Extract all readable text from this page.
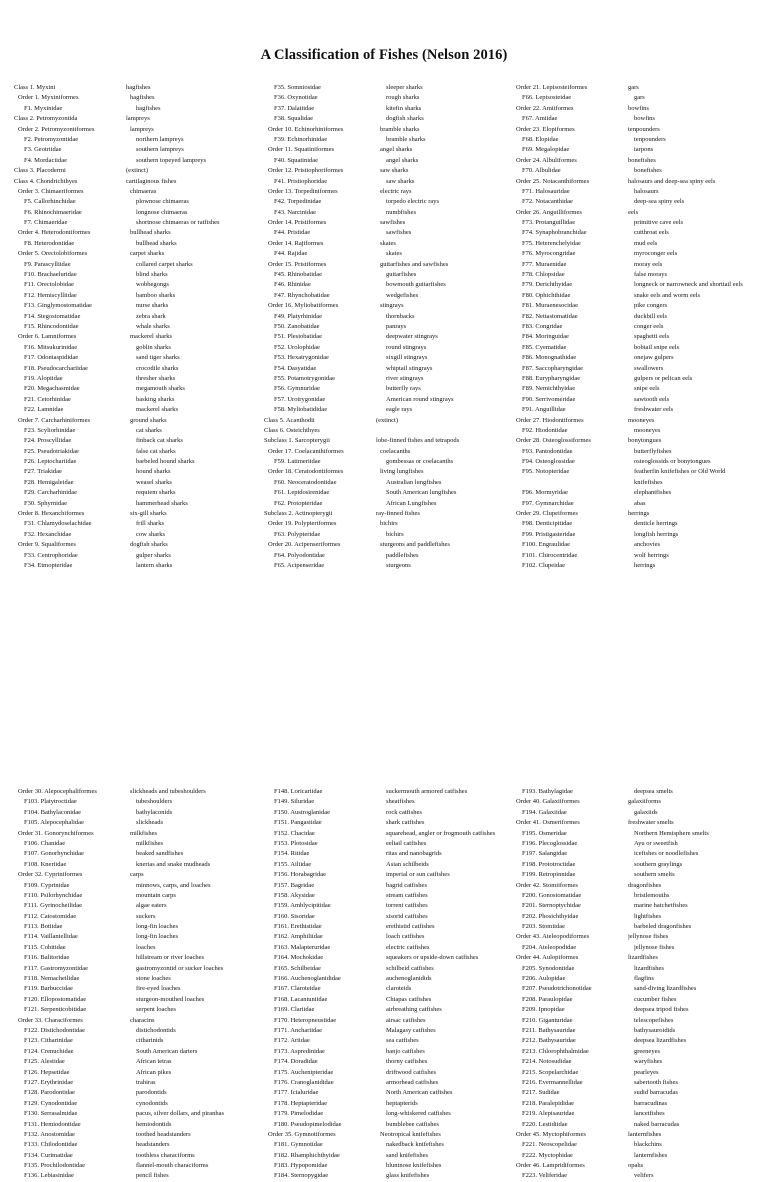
A Classification of Fishes (Nelson 2016)
Class 1. Myxini	hagfishes
Order 1. Myxiniformes	hagfishes
F1. Myxinidae	hagfishes
Class 2. Petromyzontida	lampreys
Order 2. Petromyzontiformes	lampreys
F2. Petromyzontidae	northern lampreys
F3. Geotriidae	southern lampreys
F4. Mordaciidae	southern topeyed lampreys
Class 3. Placodermi	(extinct)
Class 4. Chondrichthyes	cartilaginous fishes
Order 3. Chimaeriformes	chimaeras
F5. Callorhinchidae	plownose chimaeras
F6. Rhinochimaeridae	longnose chimaeras
F7. Chimaeridae	shortnose chimaeras or ratfishes
Order 4. Heterodontiformes	bullhead sharks
F8. Heterodontidae	bullhead sharks
Order 5. Orectolobiformes	carpet sharks
F9. Parascylliidae	collared carpet sharks
F10. Brachaeluridae	blind sharks
F11. Orectolobidae	wobbegongs
F12. Hemiscylliidae	bamboo sharks
F13. Ginglymostomatidae	nurse sharks
F14. Stegostomatidae	zebra shark
F15. Rhincodontidae	whale sharks
Order 6. Lamniformes	mackerel sharks
F16. Mitsukurinidae	goblin sharks
F17. Odontaspididae	sand tiger sharks
F18. Pseudocarchariidae	crocodile sharks
F19. Alopiidae	thresher sharks
F20. Megachasmidae	megamouth sharks
F21. Cetorhinidae	basking sharks
F22. Lamnidae	mackerel sharks
Order 7. Carcharhiniformes	ground sharks
F23. Scyliorhinidae	cat sharks
F24. Proscylliidae	finback cat sharks
F25. Pseudotriakidae	false cat sharks
F26. Leptochariidae	barbeled hound sharks
F27. Triakidae	hound sharks
F28. Hemigaleidae	weasel sharks
F29. Carcharhinidae	requiem sharks
F30. Sphyrnidae	hammerhead sharks
Order 8. Hexanchiformes	six-gill sharks
F31. Chlamydoselachidae	frill sharks
F32. Hexanchidae	cow sharks
Order 9. Squaliformes	dogfish sharks
F33. Centrophoridae	gulper sharks
F34. Etmopteridae	lantern sharks
F35. Somniosidae	sleeper sharks
F36. Oxynotidae	rough sharks
F37. Dalatiidae	kitefin sharks
F38. Squalidae	dogfish sharks
Order 10. Echinorhiniformes	bramble sharks
F39. Echinorhinidae	bramble sharks
Order 11. Squatiniformes	angel sharks
F40. Squatinidae	angel sharks
Order 12. Pristiophoriformes	saw sharks
F41. Pristiophoridae	saw sharks
Order 13. Torpediniformes	electric rays
F42. Torpedinidae	torpedo electric rays
F43. Narcinidae	numbfishes
Order 14. Pristiformes	sawfishes
F44. Pristidae	sawfishes
Order 14. Rajiformes	skates
F44. Rajidae	skates
Order 15. Pristiformes	guitarfishes and sawfishes
F45. Rhinobatidae	guitarfishes
F46. Rhinidae	bowmouth guitarfishes
F47. Rhynchobatidae	wedgefishes
Order 16. Myliobatiformes	stingrays
F49. Platyrhinidae	thornbacks
F50. Zanobatidae	panrays
F51. Plesiobatidae	deepwater stingrays
F52. Urolophidae	round stingrays
F53. Hexatrygonidae	sixgill stingrays
F54. Dasyatidae	whiptail stingrays
F55. Potamotrygonidae	river stingrays
F56. Gymnuridae	butterfly rays
F57. Urotrygonidae	American round stingrays
F58. Myliobatididae	eagle rays
Class 5. Acanthodii	(extinct)
Class 6. Osteichthyes
Subclass 1. Sarcopterygii	lobe-finned fishes and tetrapods
Order 17. Coelacanthiformes	coelacanths
F59. Latimeriidae	gombessas or coelacanths
Order 18. Ceratodontiformes	living lungfishes
F60. Neoceratodontidae	Australian lungfishes
F61. Lepidosirenidae	South American lungfishes
F62. Protopteridae	African Lungfishes
Subclass 2. Actinopterygii	ray-finned fishes
Order 19. Polypteriformes	bichirs
F63. Polypteridae	bichirs
Order 20. Acipenseriformes	sturgeons and paddlefishes
F64. Polyodontidae	paddlefishes
F65. Acipenseridae	sturgeons
Order 21. Lepisosteiformes	gars
F66. Lepisosteidae	gars
Order 22. Amiiformes	bowfins
F67. Amiidae	bowfins
Order 23. Elopiformes	tenpounders
F68. Elopidae	tenpounders
F69. Megalopidae	tarpons
Order 24. Albuliformes	bonefishes
F70. Albulidae	bonefishes
Order 25. Notacanthiformes	halosaurs and deep-sea spiny eels
F71. Halosauridae	halosaurs
F72. Notacanthidae	deep-sea spiny eels
Order 26. Anguilliformes	eels
F73. Protanguillidae	primitive cave eels
F74. Synaphobranchidae	cutthroat eels
F75. Heterenchelyidae	mud eels
F76. Myrocongridae	myroconger eels
F77. Muraenidae	moray eels
F78. Chlopsidae	false morays
F79. Derichthyidae	longneck or narrowneck and shorttail eels
F80. Ophichthidae	snake eels and worm eels
F81. Muraenesocidae	pike congers
F82. Nettastomatidae	duckbill eels
F83. Congridae	conger eels
F84. Moringuidae	spaghetti eels
F85. Cyematidae	bobtail snipe eels
F86. Monognathidae	onejaw gulpers
F87. Saccopharyngidae	swallowers
F88. Eurypharyngidae	gulpers or pelican eels
F89. Nemichthyidae	snipe eels
F90. Serrivomeridae	sawtooth eels
F91. Anguillidae	freshwater eels
Order 27. Hiodontiformes	mooneyes
F92. Hiodontidae	mooneyes
Order 28. Osteoglossiformes	bonytongues
F93. Pantodontidae	butterflyfishes
F94. Osteoglossidae	osteoglossids or bonytongues
F95. Notopteridae	featherfin knifefishes or Old World
knifefishes
F96. Mormyridae	elephantfishes
F97. Gymnarchidae	abas
Order 29. Clupeiformes	herrings
F98. Denticipitidae	denticle herrings
F99. Pristigasteridae	longfish herrings
F100. Engraulidae	anchovies
F101. Chirocentridae	wolf herrings
F102. Clupeidae	herrings
Order 30. Alepocephaliformes	slickheads and tubeshoulders
F103. Platytroctidae	tubeshoulders
F104. Bathylaconidae	bathylaconids
F105. Alepocephalidae	slickheads
Order 31. Gonorynchiformes	milkfishes
F106. Chanidae	milkfishes
F107. Gonorhynchidae	beaked sandfishes
F108. Kneriidae	knerias and snake mudheads
Order 32. Cypriniformes	carps
F109. Cyprinidae	minnows, carps, and loaches
F110. Psilorhynchidae	mountain carps
F111. Gyrinocheilidae	algae eaters
F112. Catostomidae	suckers
F113. Botiidae	long-fin loaches
F114. Vaillantellidae	long-fin loaches
F115. Cobitidae	loaches
F116. Balitoridae	hillstream or river loaches
F117. Gastromyzontidae	gastromyzontid or sucker loaches
F118. Nemacheilidae	stone loaches
F119. Barbuccidae	fire-eyed loaches
F120. Ellopostomatidae	sturgeon-mouthed loaches
F121. Serpenticobitidae	serpent loaches
Order 33. Characiformes	characins
F122. Distichodontidae	distichodontids
F123. Citharinidae	citharinids
F124. Crenuchidae	South American darters
F125. Alestidae	African tetras
F126. Hepsetidae	African pikes
F127. Erythrinidae	trahiras
F128. Parodontidae	parodontids
F129. Cynodontidae	cynodontids
F130. Serrasalmidae	pacus, silver dollars, and piranhas
F131. Hemiodontidae	hemiodontids
F132. Anostomidae	toothed headstanders
F133. Chilodontidae	headstanders
F134. Curimatidae	toothless characiforms
F135. Prochilodontidae	flannel-mouth characiforms
F136. Lebiasinidae	pencil fishes
F148. Loricariidae	suckermouth armored catfishes
F149. Siluridae	sheatfishes
F150. Austroglanidae	rock catfishes
F151. Pangasiidae	shark catfishes
F152. Chacidae	squarehead, angler or frogmouth catfishes
F153. Plotosidae	eeltail catfishes
F154. Ritidae	ritas and nanobagrids
F155. Ailiidae	Asian schilbeids
F156. Horabagridae	imperial or sun catfishes
F157. Bagridae	bagrid catfishes
F158. Akysidae	stream catfishes
F159. Amblycipitidae	torrent catfishes
F160. Sisoridae	sisorid catfishes
F161. Erethistidae	erethistid catfishes
F162. Amphiliidae	loach catfishes
F163. Malapteruridae	electric catfishes
F164. Mochokidae	squeakers or upside-down catfishes
F165. Schilbeidae	schilbeid catfishes
F166. Auchenoglanididae	auchenoglanidids
F167. Claroteidae	claroteids
F168. Lacantuniidae	Chiapas catfishes
F169. Clariidae	airbreathing catfishes
F170. Heteropneustidae	airsac catfishes
F171. Anchariidae	Malagasy catfishes
F172. Ariidae	sea catfishes
F173. Aspredinidae	banjo catfishes
F174. Doradidae	thorny catfishes
F175. Auchenipteridae	driftwood catfishes
F176. Cranoglanididae	armorhead catfishes
F177. Ictaluridae	North American catfishes
F178. Heptapteridae	heptapterids
F179. Pimelodidae	long-whiskered catfishes
F180. Pseudopimelodidae	bumblebee catfishes
Order 35. Gymnotiformes	Neotropical knifefishes
F181. Gymnotidae	nakedback knifefishes
F182. Rhamphichthyidae	sand knifefishes
F183. Hypopomidae	bluntnose knifefishes
F184. Sternopygidae	glass knifefishes
F193. Bathylagidae	deepsea smelts
Order 40. Galaxiiformes	galaxiiforms
F194. Galaxiidae	galaxiids
Order 41. Osmeriformes	freshwater smelts
F195. Osmeridae	Northern Hemisphere smelts
F196. Plecoglossidae	Ayu or sweetfish
F197. Salangidae	icefishes or noodlefishes
F198. Prototroctidae	southern graylings
F199. Retropinnidae	southern smelts
Order 42. Stomiiformes	dragonfishes
F200. Gonostomatidae	bristlemouths
F201. Sternoptychidae	marine hatchetfishes
F202. Phosichthyidae	lightfishes
F203. Stomiidae	barbeled dragonfishes
Order 43. Ateleopodiformes	jellynose fishes
F204. Ateleopodidae	jellynose fishes
Order 44. Aulopiformes	lizardfishes
F205. Synodontidae	lizardfishes
F206. Aulopidae	flagfins
F207. Pseudotrichonotidae	sand-diving lizardfishes
F208. Paraulopidae	cucumber fishes
F209. Ipnopidae	deepsea tripod fishes
F210. Giganturidae	telescopefishes
F211. Bathysauridae	bathysauroidids
F212. Bathysauridae	deepsea lizardfishes
F213. Chlorophthalmidae	greeneyes
F214. Notosudidae	waryfishes
F215. Scopelarchidae	pearleyes
F216. Evermannellidae	sabertooth fishes
F217. Sudidae	sudid barracudas
F218. Paralepididae	barracudinas
F219. Alepisauridae	lancetfishes
F220. Lestidiidae	naked barracudas
Order 45. Myctophiformes	lanternfishes
F221. Neoscopelidae	blackchins
F222. Myctophidae	lanternfishes
Order 46. Lampridiformes	opahs
F223. Veliferidae	velifers
